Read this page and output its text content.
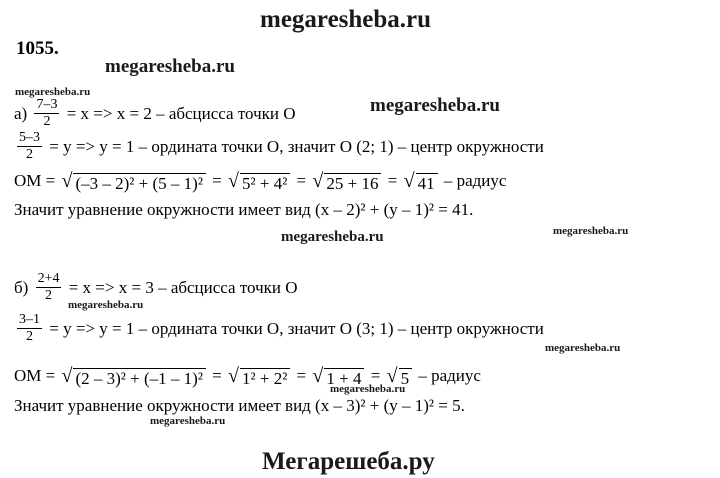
megaresheba.ru
megaresheba.ru
megaresheba.ru
megaresheba.ru
megaresheba.ru	megaresheba.ru
megaresheba.ru
megaresheba.ru
megaresheba.ru
megaresheba.ru
Мегарешеба.ру
1055.
$а) \frac{7-3}{2} = x => x = 2$ – абсцисса точки О
$\frac{5-3}{2} = y => y = 1$ – ордината точки О, значит О (2; 1) – центр окружности
ОМ = √ (–3 – 2)² + (5 – 1)² = √ 5² + 4² = √ 25 + 16 = √ 41 – радиус
Значит уравнение окружности имеет вид (х – 2)² + (у – 1)² = 41.
$б) \frac{2+4}{2} = x => x = 3$ – абсцисса точки О
$\frac{3-1}{2} = y => y = 1$ – ордината точки О, значит О (3; 1) – центр окружности
ОМ = √ (2 – 3)² + (–1 – 1)² = √ 1² + 2² = √ 1 + 4 = √ 5 – радиус
Значит уравнение окружности имеет вид (х – 3)² + (у – 1)² = 5.
